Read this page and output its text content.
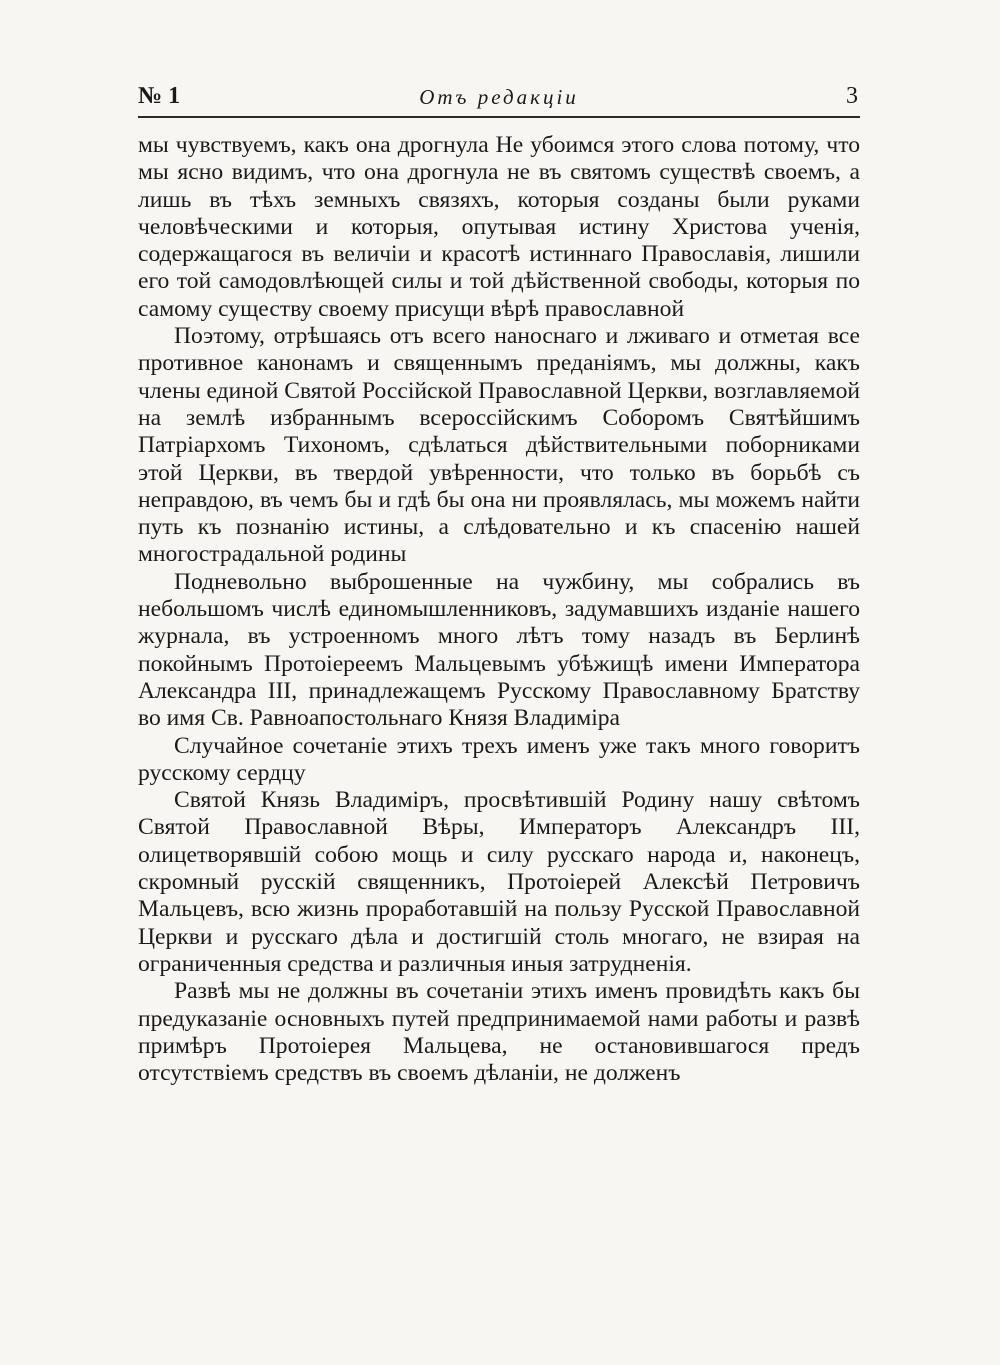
№ 1	Отъ редакціи	3

мы чувствуемъ, какъ она дрогнула Не убоимся этого слова потому, что мы ясно видимъ, что она дрогнула не въ святомъ существѣ своемъ, а лишь въ тѣхъ земныхъ связяхъ, которыя созданы были руками человѣческими и которыя, опутывая истину Христова ученія, содержащагося въ величіи и красотѣ истиннаго Православія, лишили его той самодовлѣющей силы и той дѣйственной свободы, которыя по самому существу своему присущи вѣрѣ православной

Поэтому, отрѣшаясь отъ всего наноснаго и лживаго и отметая все противное канонамъ и священнымъ преданіямъ, мы должны, какъ члены единой Святой Россійской Православной Церкви, возглавляемой на землѣ избраннымъ всероссійскимъ Соборомъ Святѣйшимъ Патріархомъ Тихономъ, сдѣлаться дѣйствительными поборниками этой Церкви, въ твердой увѣренности, что только въ борьбѣ съ неправдою, въ чемъ бы и гдѣ бы она ни проявлялась, мы можемъ найти путь къ познанію истины, а слѣдовательно и къ спасенію нашей многострадальной родины

Подневольно выброшенные на чужбину, мы собрались въ небольшомъ числѣ единомышленниковъ, задумавшихъ изданіе нашего журнала, въ устроенномъ много лѣтъ тому назадъ въ Берлинѣ покойнымъ Протоіереемъ Мальцевымъ убѣжищѣ имени Императора Александра III, принадлежащемъ Русскому Православному Братству во имя Св. Равноапостольнаго Князя Владиміра

Случайное сочетаніе этихъ трехъ именъ уже такъ много говоритъ русскому сердцу

Святой Князь Владиміръ, просвѣтившій Родину нашу свѣтомъ Святой Православной Вѣры, Императоръ Александръ III, олицетворявшій собою мощь и силу русскаго народа и, наконецъ, скромный русскій священникъ, Протоіерей Алексѣй Петровичъ Мальцевъ, всю жизнь проработавшій на пользу Русской Православной Церкви и русскаго дѣла и достигшій столь многаго, не взирая на ограниченныя средства и различныя иныя затрудненія.

Развѣ мы не должны въ сочетаніи этихъ именъ провидѣть какъ бы предуказаніе основныхъ путей предпринимаемой нами работы и развѣ примѣръ Протоіерея Мальцева, не остановившагося предъ отсутствіемъ средствъ въ своемъ дѣланіи, не долженъ
